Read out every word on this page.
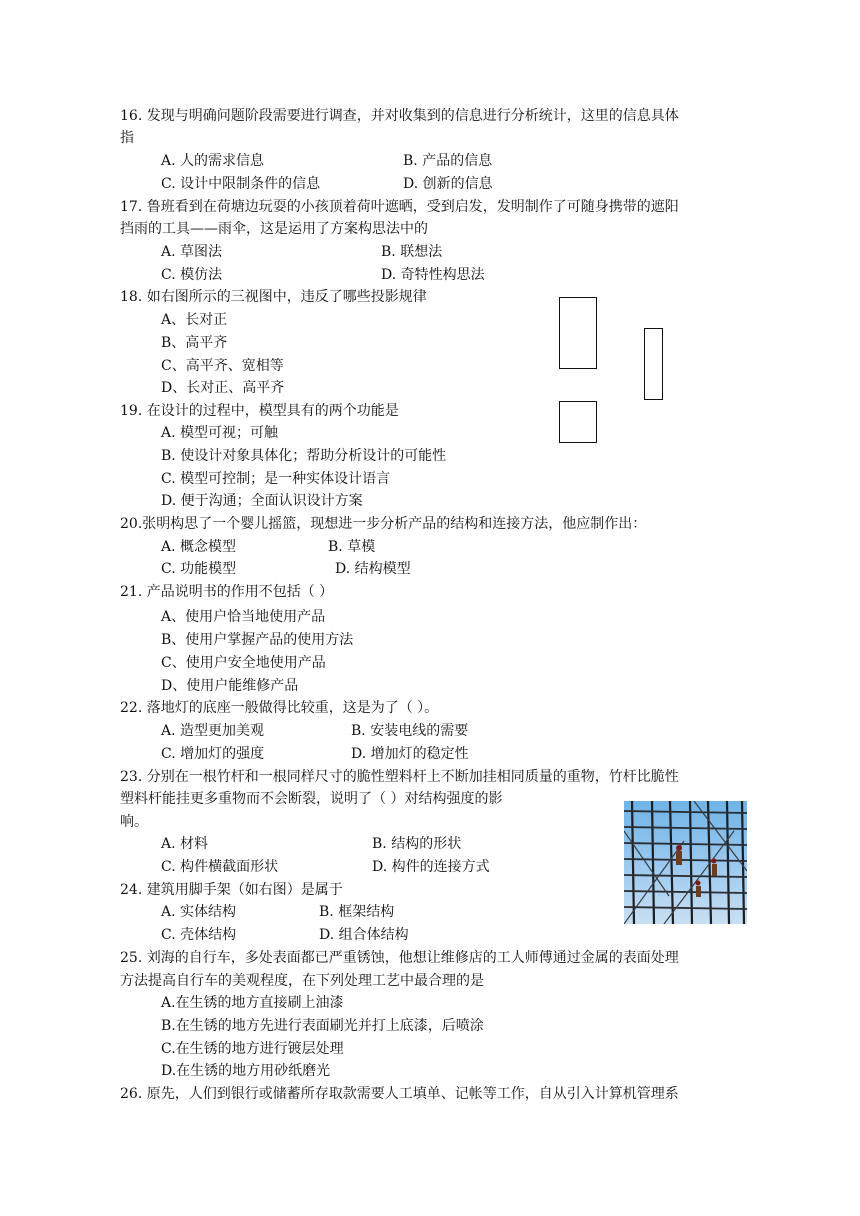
16. 发现与明确问题阶段需要进行调查，并对收集到的信息进行分析统计，这里的信息具体
指
A. 人的需求信息	B. 产品的信息
C. 设计中限制条件的信息	D. 创新的信息
17. 鲁班看到在荷塘边玩耍的小孩顶着荷叶遮晒，受到启发，发明制作了可随身携带的遮阳
挡雨的工具——雨伞，这是运用了方案构思法中的
A. 草图法	B. 联想法
C. 模仿法	D. 奇特性构思法
18. 如右图所示的三视图中，违反了哪些投影规律
A、长对正
B、高平齐
C、高平齐、宽相等
D、长对正、高平齐
19. 在设计的过程中，模型具有的两个功能是
A. 模型可视；可触
B. 使设计对象具体化；帮助分析设计的可能性
C. 模型可控制；是一种实体设计语言
D. 便于沟通；全面认识设计方案
20.张明构思了一个婴儿摇篮，现想进一步分析产品的结构和连接方法，他应制作出：
A. 概念模型	B. 草模
C. 功能模型	D. 结构模型
21. 产品说明书的作用不包括（ ）
A、使用户恰当地使用产品
B、使用户掌握产品的使用方法
C、使用户安全地使用产品
D、使用户能维修产品
22. 落地灯的底座一般做得比较重，这是为了（ ）。
A. 造型更加美观	B. 安装电线的需要
C. 增加灯的强度	D. 增加灯的稳定性
23. 分别在一根竹杆和一根同样尺寸的脆性塑料杆上不断加挂相同质量的重物，竹杆比脆性
塑料杆能挂更多重物而不会断裂，说明了（ ）对结构强度的影
响。
A. 材料	B. 结构的形状
C. 构件横截面形状	D. 构件的连接方式
24. 建筑用脚手架（如右图）是属于
A. 实体结构	B. 框架结构
C. 壳体结构	D. 组合体结构
25. 刘海的自行车，多处表面都已严重锈蚀，他想让维修店的工人师傅通过金属的表面处理
方法提高自行车的美观程度，在下列处理工艺中最合理的是
A.在生锈的地方直接刷上油漆
B.在生锈的地方先进行表面刷光并打上底漆，后喷涂
C.在生锈的地方进行镀层处理
D.在生锈的地方用砂纸磨光
26. 原先，人们到银行或储蓄所存取款需要人工填单、记帐等工作，自从引入计算机管理系
